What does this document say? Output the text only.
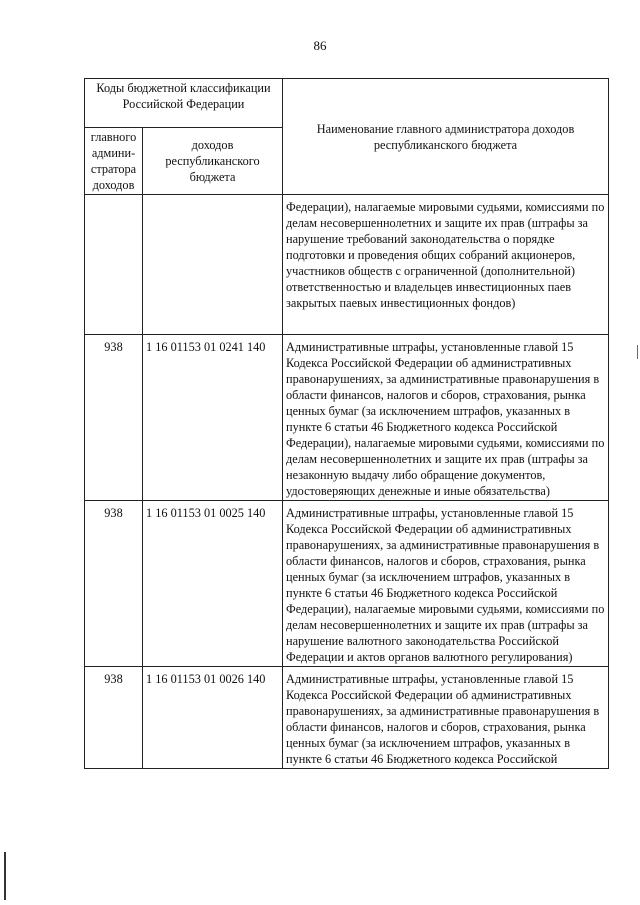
86
Коды бюджетной классификации Российской Федерации		Наименование главного администратора доходов республиканского бюджета
главного админи-стратора доходов	доходов республиканского бюджета	
		Федерации), налагаемые мировыми судьями, комиссиями по делам несовершеннолетних и защите их прав (штрафы за нарушение требований законодательства о порядке подготовки и проведения общих собраний акционеров, участников обществ с ограниченной (дополнительной) ответственностью и владельцев инвестиционных паев закрытых паевых инвестиционных фондов)
938	1 16 01153 01 0241 140	Административные штрафы, установленные главой 15 Кодекса Российской Федерации об административных правонарушениях, за административные правонарушения в области финансов, налогов и сборов, страхования, рынка ценных бумаг (за исключением штрафов, указанных в пункте 6 статьи 46 Бюджетного кодекса Российской Федерации), налагаемые мировыми судьями, комиссиями по делам несовершеннолетних и защите их прав (штрафы за незаконную выдачу либо обращение документов, удостоверяющих денежные и иные обязательства)
938	1 16 01153 01 0025 140	Административные штрафы, установленные главой 15 Кодекса Российской Федерации об административных правонарушениях, за административные правонарушения в области финансов, налогов и сборов, страхования, рынка ценных бумаг (за исключением штрафов, указанных в пункте 6 статьи 46 Бюджетного кодекса Российской Федерации), налагаемые мировыми судьями, комиссиями по делам несовершеннолетних и защите их прав (штрафы за нарушение валютного законодательства Российской Федерации и актов органов валютного регулирования)
938	1 16 01153 01 0026 140	Административные штрафы, установленные главой 15 Кодекса Российской Федерации об административных правонарушениях, за административные правонарушения в области финансов, налогов и сборов, страхования, рынка ценных бумаг (за исключением штрафов, указанных в пункте 6 статьи 46 Бюджетного кодекса Российской
